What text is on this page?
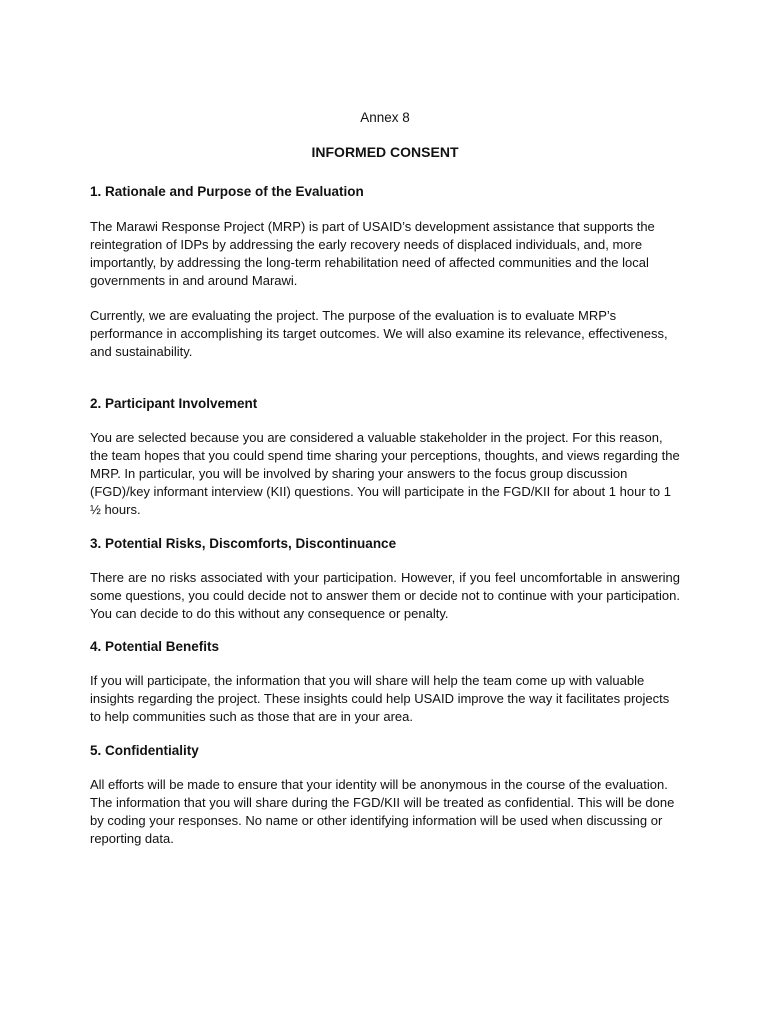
Annex 8
INFORMED CONSENT

1. Rationale and Purpose of the Evaluation

The Marawi Response Project (MRP) is part of USAID’s development assistance that supports the reintegration of IDPs by addressing the early recovery needs of displaced individuals, and, more importantly, by addressing the long-term rehabilitation need of affected communities and the local governments in and around Marawi.

Currently, we are evaluating the project. The purpose of the evaluation is to evaluate MRP’s performance in accomplishing its target outcomes. We will also examine its relevance, effectiveness, and sustainability.

2. Participant Involvement

You are selected because you are considered a valuable stakeholder in the project. For this reason, the team hopes that you could spend time sharing your perceptions, thoughts, and views regarding the MRP. In particular, you will be involved by sharing your answers to the focus group discussion (FGD)/key informant interview (KII) questions. You will participate in the FGD/KII for about 1 hour to 1 ½ hours.

3. Potential Risks, Discomforts, Discontinuance

There are no risks associated with your participation. However, if you feel uncomfortable in answering some questions, you could decide not to answer them or decide not to continue with your participation. You can decide to do this without any consequence or penalty.

4. Potential Benefits

If you will participate, the information that you will share will help the team come up with valuable insights regarding the project. These insights could help USAID improve the way it facilitates projects to help communities such as those that are in your area.

5. Confidentiality

All efforts will be made to ensure that your identity will be anonymous in the course of the evaluation. The information that you will share during the FGD/KII will be treated as confidential. This will be done by coding your responses. No name or other identifying information will be used when discussing or reporting data.
